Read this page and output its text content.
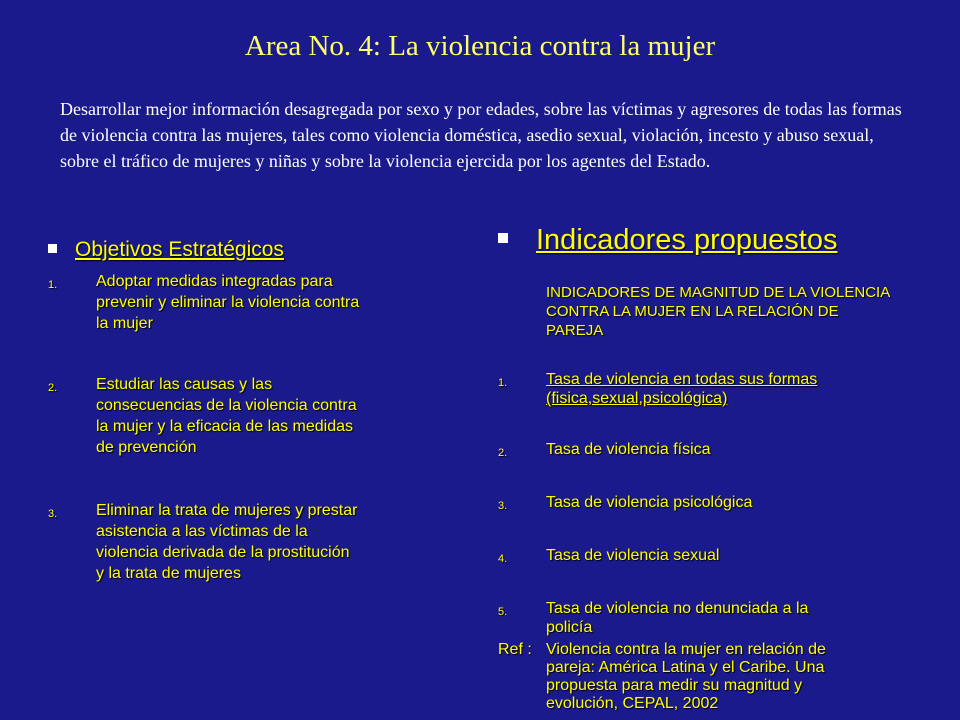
Area No. 4: La violencia contra la mujer
Desarrollar mejor información desagregada por sexo y por edades, sobre las víctimas y agresores de todas las formas de violencia contra las mujeres, tales como violencia doméstica, asedio sexual, violación, incesto y abuso sexual, sobre el tráfico de mujeres y niñas y sobre la violencia ejercida por los agentes del Estado.
Objetivos Estratégicos
1.	Adoptar medidas integradas para
prevenir y eliminar la violencia contra
la mujer
2.	Estudiar las causas y las
consecuencias de la violencia contra
la mujer y la eficacia de las medidas
de prevención
3.	Eliminar la trata de mujeres y prestar
asistencia a las víctimas de la
violencia derivada de la prostitución
y la trata de mujeres
Indicadores propuestos
INDICADORES DE MAGNITUD DE LA VIOLENCIA CONTRA LA MUJER EN LA RELACIÓN DE PAREJA
1.	Tasa de violencia en todas sus formas
(fisica,sexual,psicológica)
2.	Tasa de violencia física
3.	Tasa de violencia psicológica
4.	Tasa de violencia sexual
5.	Tasa de violencia no denunciada a la
policía
Ref : Violencia contra la mujer en relación de
pareja: América Latina y el Caribe. Una
propuesta para medir su magnitud y
evolución, CEPAL, 2002
